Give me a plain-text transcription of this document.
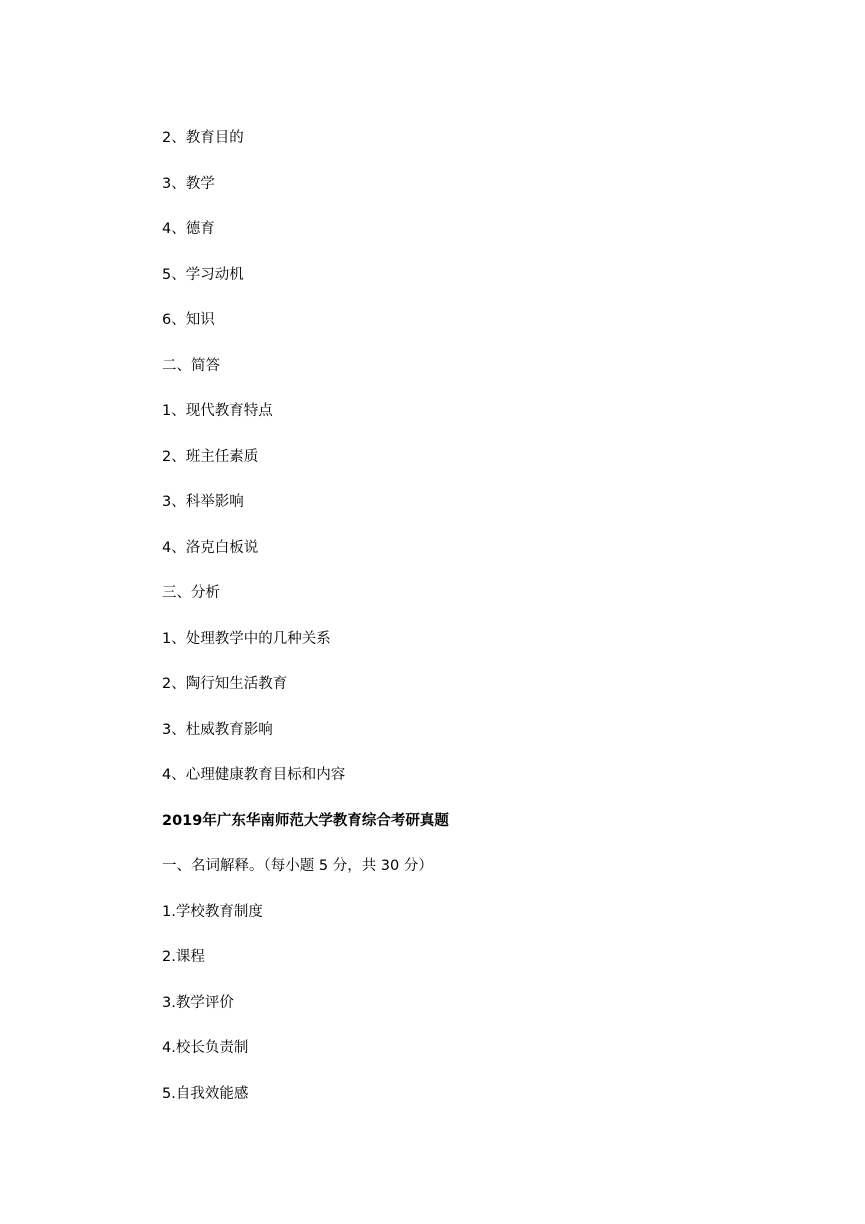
2、教育目的
3、教学
4、德育
5、学习动机
6、知识
二、简答
1、现代教育特点
2、班主任素质
3、科举影响
4、洛克白板说
三、分析
1、处理教学中的几种关系
2、陶行知生活教育
3、杜威教育影响
4、心理健康教育目标和内容
2019年广东华南师范大学教育综合考研真题
一、名词解释。（每小题 5 分，共 30 分）
1.学校教育制度
2.课程
3.教学评价
4.校长负责制
5.自我效能感
